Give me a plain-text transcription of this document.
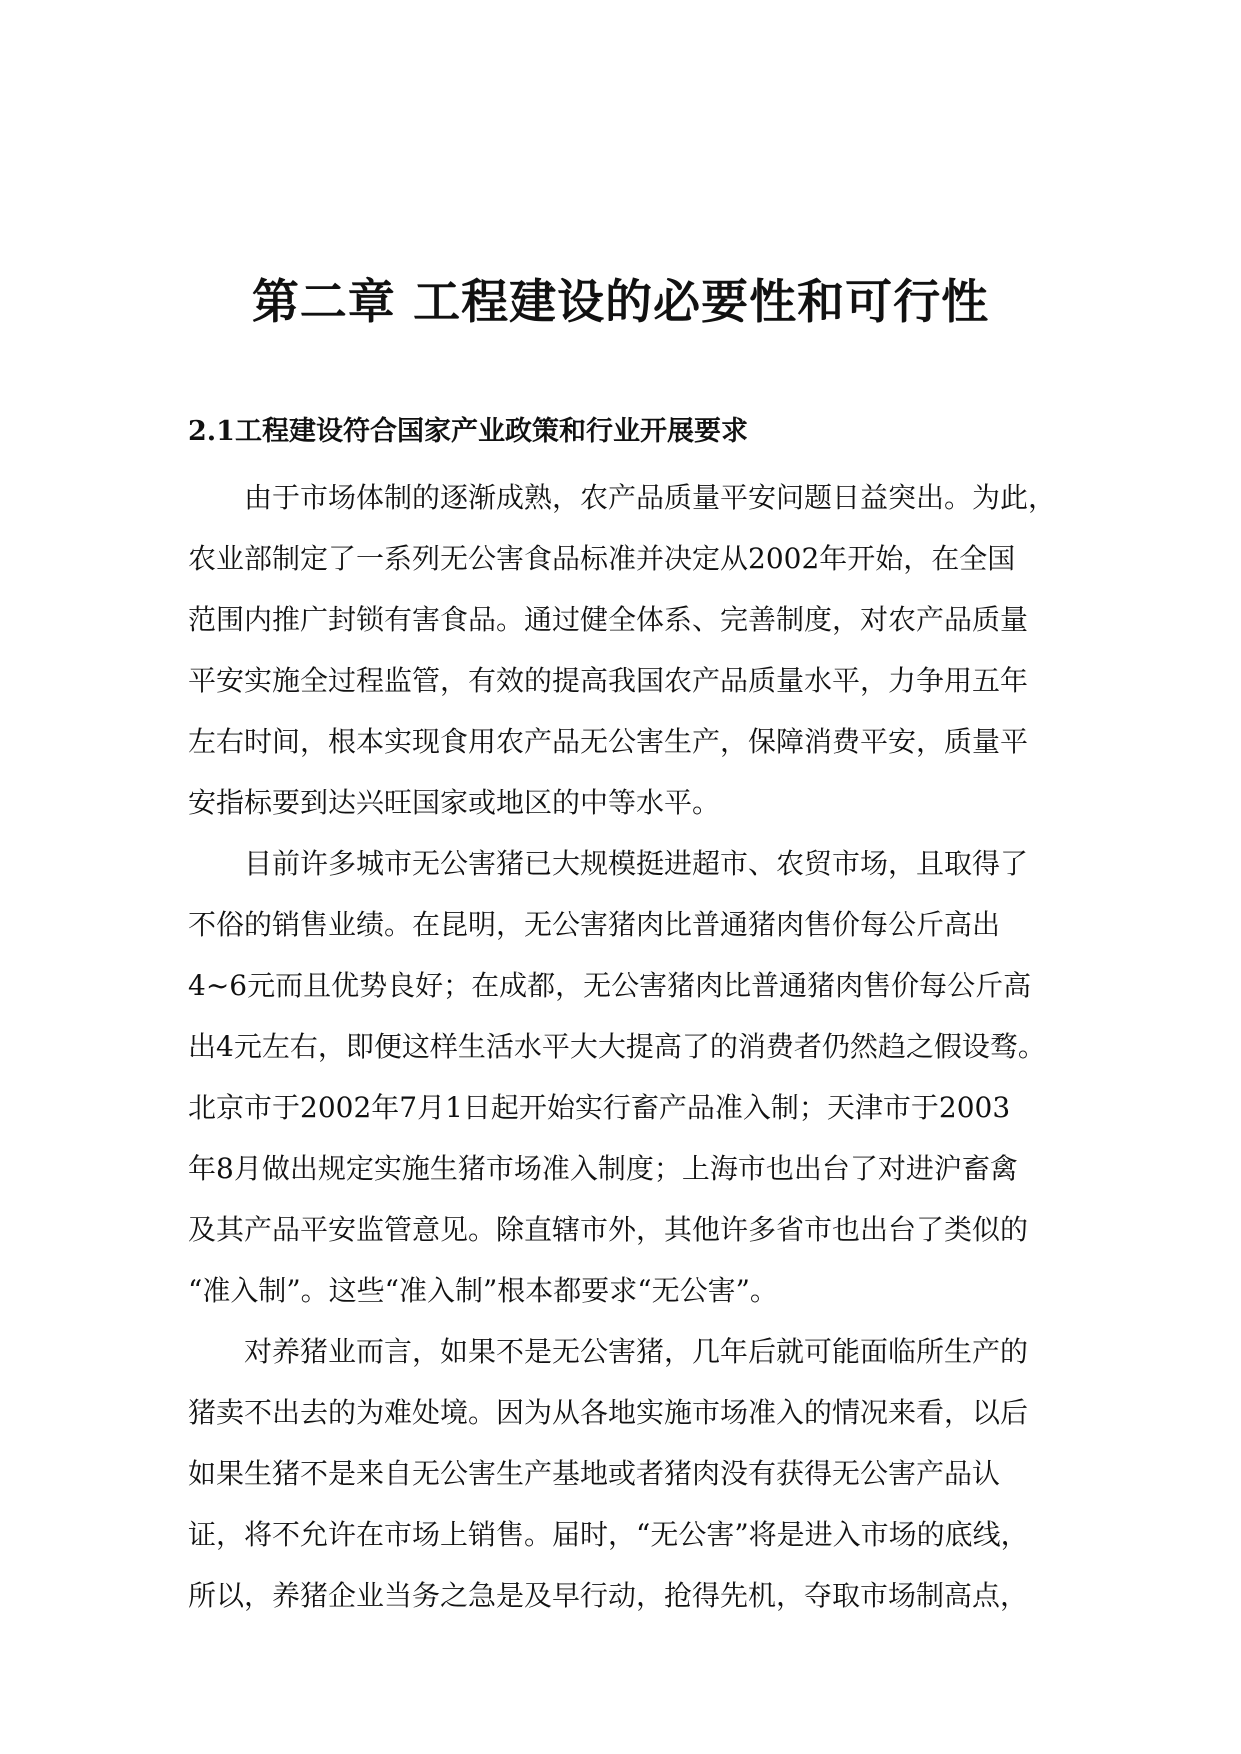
第二章 工程建设的必要性和可行性
2.1工程建设符合国家产业政策和行业开展要求
由于市场体制的逐渐成熟，农产品质量平安问题日益突出。为此，
农业部制定了一系列无公害食品标准并决定从2002年开始，在全国
范围内推广封锁有害食品。通过健全体系、完善制度，对农产品质量
平安实施全过程监管，有效的提高我国农产品质量水平，力争用五年
左右时间，根本实现食用农产品无公害生产，保障消费平安，质量平
安指标要到达兴旺国家或地区的中等水平。
目前许多城市无公害猪已大规模挺进超市、农贸市场，且取得了
不俗的销售业绩。在昆明，无公害猪肉比普通猪肉售价每公斤高出
4~6元而且优势良好；在成都，无公害猪肉比普通猪肉售价每公斤高
出4元左右，即便这样生活水平大大提高了的消费者仍然趋之假设骛。
北京市于2002年7月1日起开始实行畜产品准入制；天津市于2003
年8月做出规定实施生猪市场准入制度；上海市也出台了对进沪畜禽
及其产品平安监管意见。除直辖市外，其他许多省市也出台了类似的
“准入制”。这些“准入制”根本都要求“无公害”。
对养猪业而言，如果不是无公害猪，几年后就可能面临所生产的
猪卖不出去的为难处境。因为从各地实施市场准入的情况来看，以后
如果生猪不是来自无公害生产基地或者猪肉没有获得无公害产品认
证，将不允许在市场上销售。届时，“无公害”将是进入市场的底线，
所以，养猪企业当务之急是及早行动，抢得先机，夺取市场制高点，
